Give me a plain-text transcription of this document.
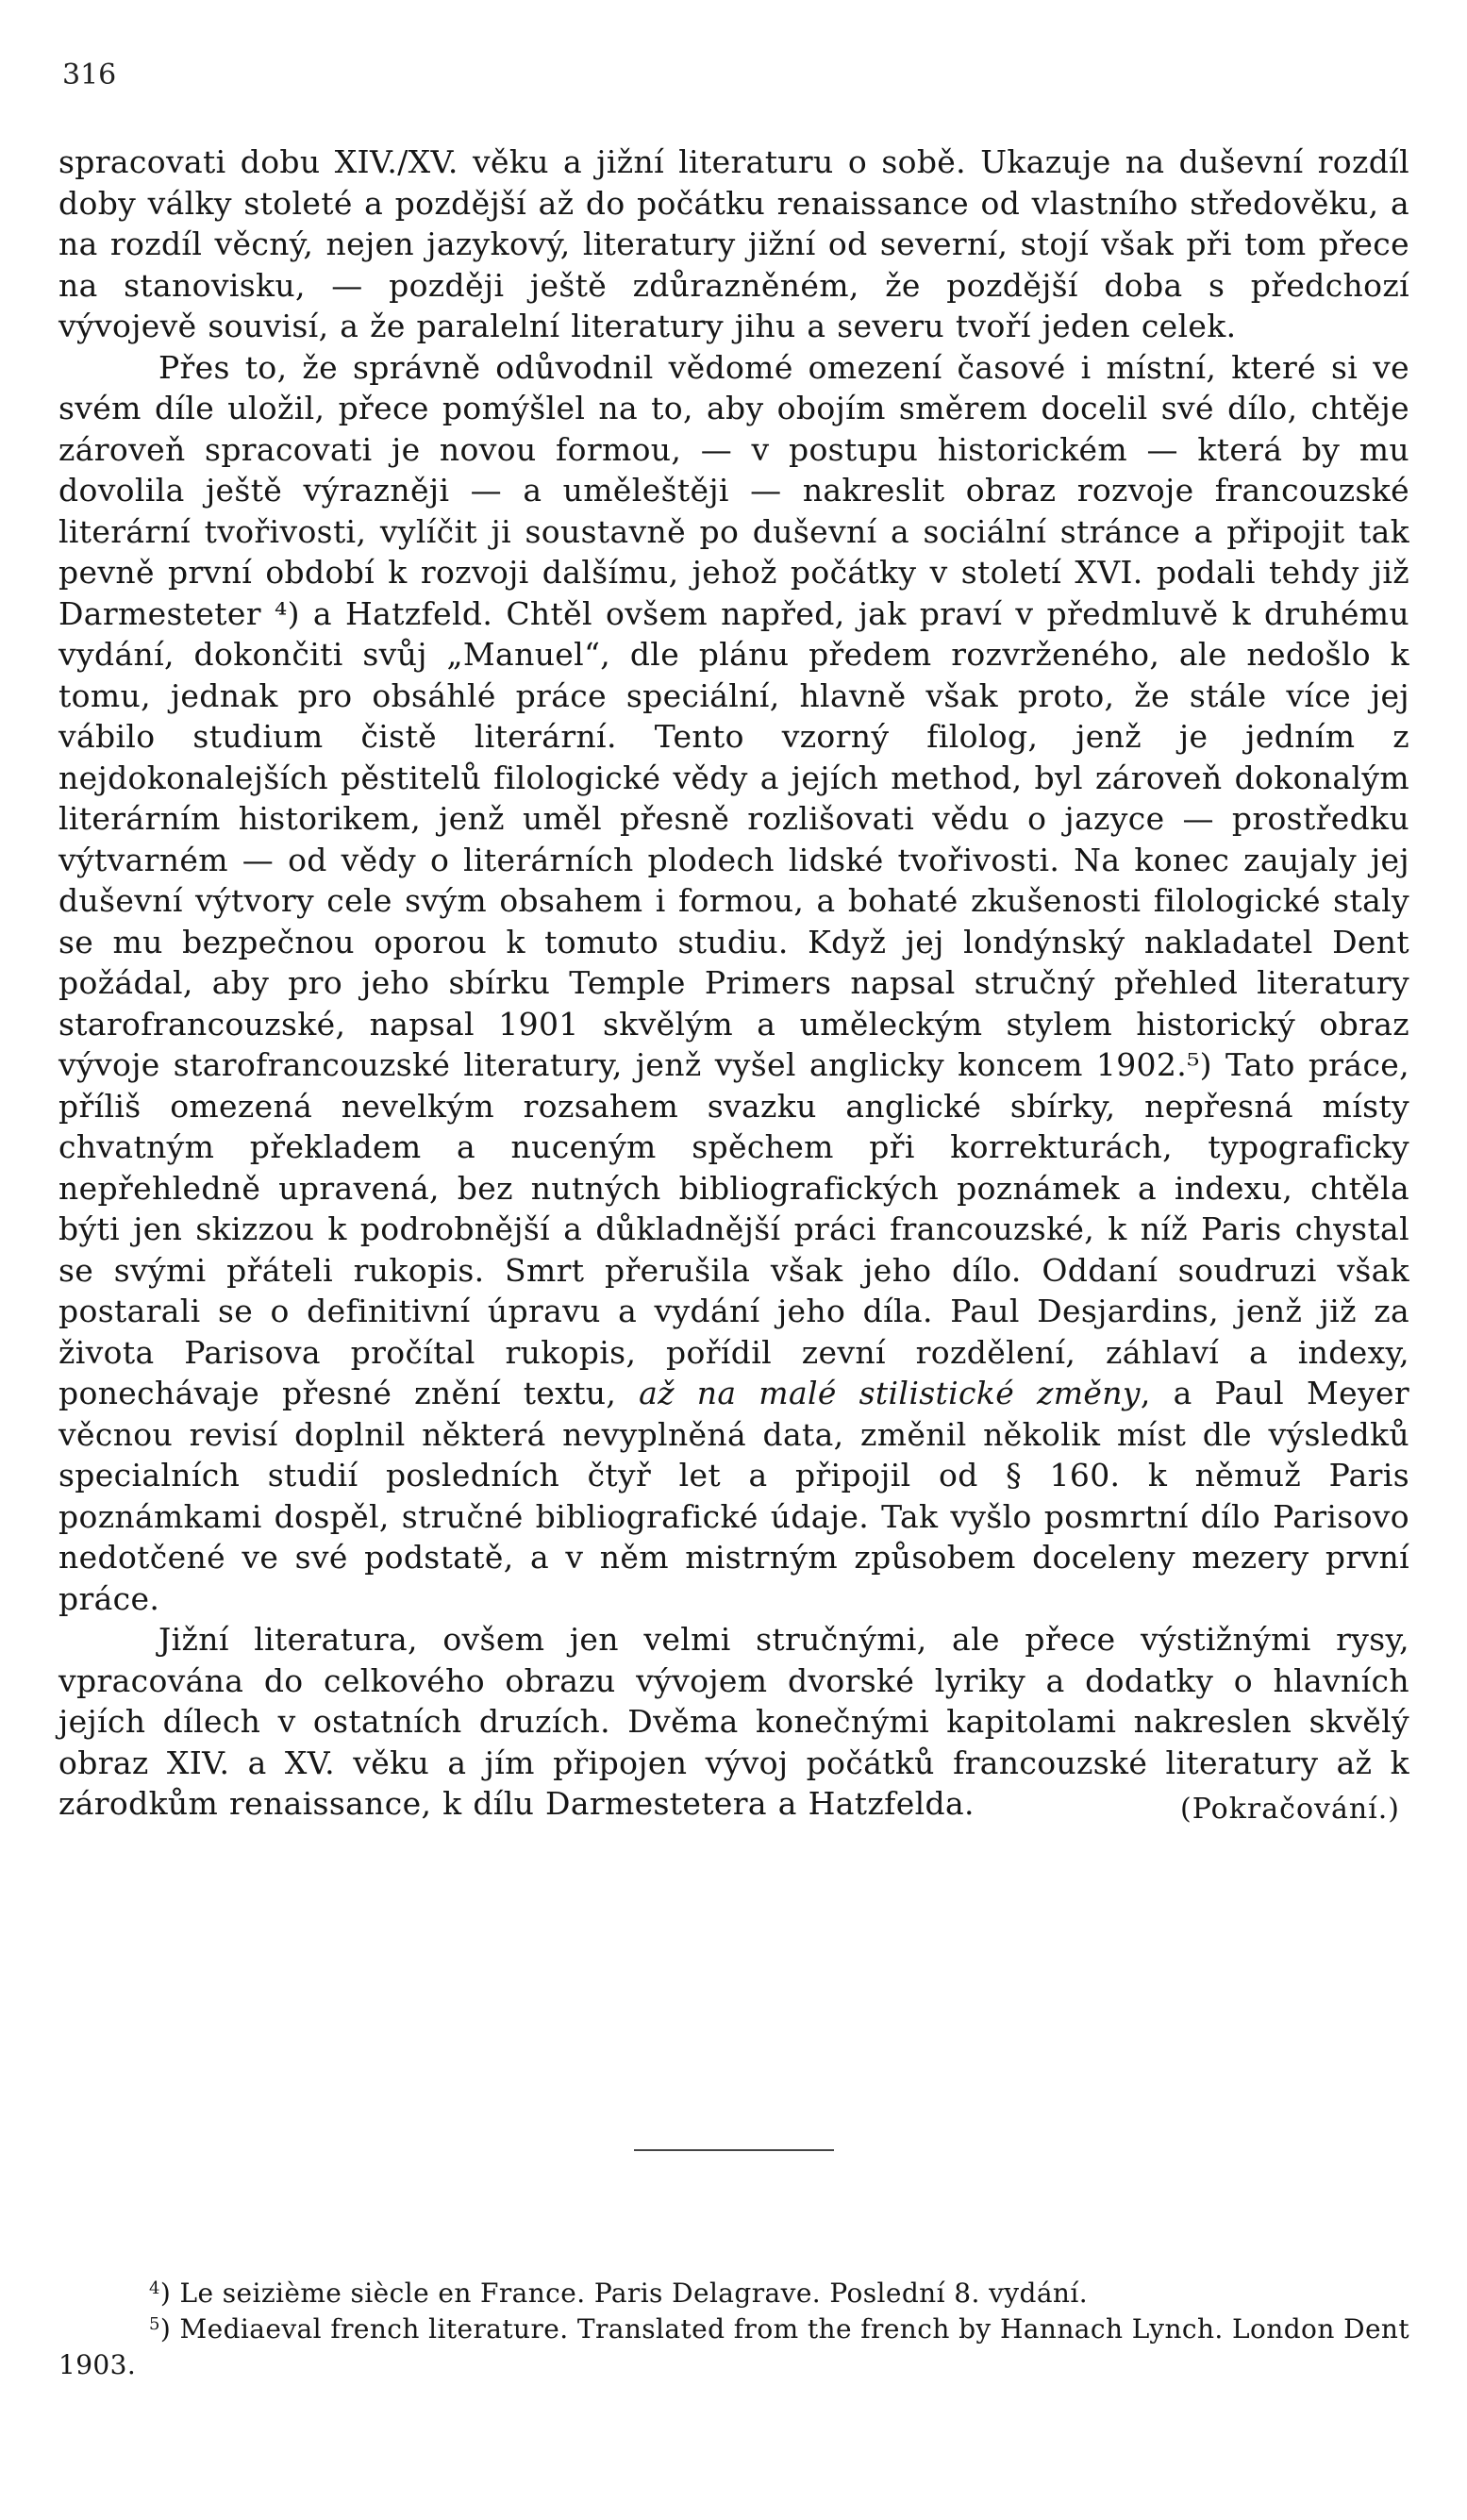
316

spracovati dobu XIV./XV. věku a jižní literaturu o sobě. Ukazuje na duševní rozdíl doby války stoleté a pozdější až do počátku renaissance od vlastního středověku, a na rozdíl věcný, nejen jazykový, literatury jižní od severní, stojí však při tom přece na stanovisku, — později ještě zdůrazněném, že pozdější doba s předchozí vývojevě souvisí, a že paralelní literatury jihu a severu tvoří jeden celek.

Přes to, že správně odůvodnil vědomé omezení časové i místní, které si ve svém díle uložil, přece pomýšlel na to, aby obojím směrem docelil své dílo, chtěje zároveň spracovati je novou formou, — v postupu historickém — která by mu dovolila ještě výrazněji — a uměleštěji — nakreslit obraz rozvoje francouzské literární tvořivosti, vylíčit ji soustavně po duševní a sociální stránce a připojit tak pevně první období k rozvoji dalšímu, jehož počátky v století XVI. podali tehdy již Darmesteter ⁴) a Hatzfeld. Chtěl ovšem napřed, jak praví v předmluvě k druhému vydání, dokončiti svůj „Manuel“, dle plánu předem rozvrženého, ale nedošlo k tomu, jednak pro obsáhlé práce speciální, hlavně však proto, že stále více jej vábilo studium čistě literární. Tento vzorný filolog, jenž je jedním z nejdokonalejších pěstitelů filologické vědy a jejích method, byl zároveň dokonalým literárním historikem, jenž uměl přesně rozlišovati vědu o jazyce — prostředku výtvarném — od vědy o literárních plodech lidské tvořivosti. Na konec zaujaly jej duševní výtvory cele svým obsahem i formou, a bohaté zkušenosti filologické staly se mu bezpečnou oporou k tomuto studiu. Když jej londýnský nakladatel Dent požádal, aby pro jeho sbírku Temple Primers napsal stručný přehled literatury starofrancouzské, napsal 1901 skvělým a uměleckým stylem historický obraz vývoje starofrancouzské literatury, jenž vyšel anglicky koncem 1902.⁵) Tato práce, příliš omezená nevelkým rozsahem svazku anglické sbírky, nepřesná místy chvatným překladem a nuceným spěchem při korrekturách, typograficky nepřehledně upravená, bez nutných bibliografických poznámek a indexu, chtěla býti jen skizzou k podrobnější a důkladnější práci francouzské, k níž Paris chystal se svými přáteli rukopis. Smrt přerušila však jeho dílo. Oddaní soudruzi však postarali se o definitivní úpravu a vydání jeho díla. Paul Desjardins, jenž již za života Parisova pročítal rukopis, pořídil zevní rozdělení, záhlaví a indexy, ponechávaje přesné znění textu, až na malé stilistické změny, a Paul Meyer věcnou revisí doplnil některá nevyplněná data, změnil několik míst dle výsledků specialních studií posledních čtyř let a připojil od § 160. k němuž Paris poznámkami dospěl, stručné bibliografické údaje. Tak vyšlo posmrtní dílo Parisovo nedotčené ve své podstatě, a v něm mistrným způsobem doceleny mezery první práce.

Jižní literatura, ovšem jen velmi stručnými, ale přece výstižnými rysy, vpracována do celkového obrazu vývojem dvorské lyriky a dodatky o hlavních jejích dílech v ostatních druzích. Dvěma konečnými kapitolami nakreslen skvělý obraz XIV. a XV. věku a jím připojen vývoj počátků francouzské literatury až k zárodkům renaissance, k dílu Darmestetera a Hatzfelda.	(Pokračování.)

$^4$) Le seizième siècle en France. Paris Delagrave. Poslední 8. vydání.

$^5$) Mediaeval french literature. Translated from the french by Hannach Lynch. London Dent 1903.
